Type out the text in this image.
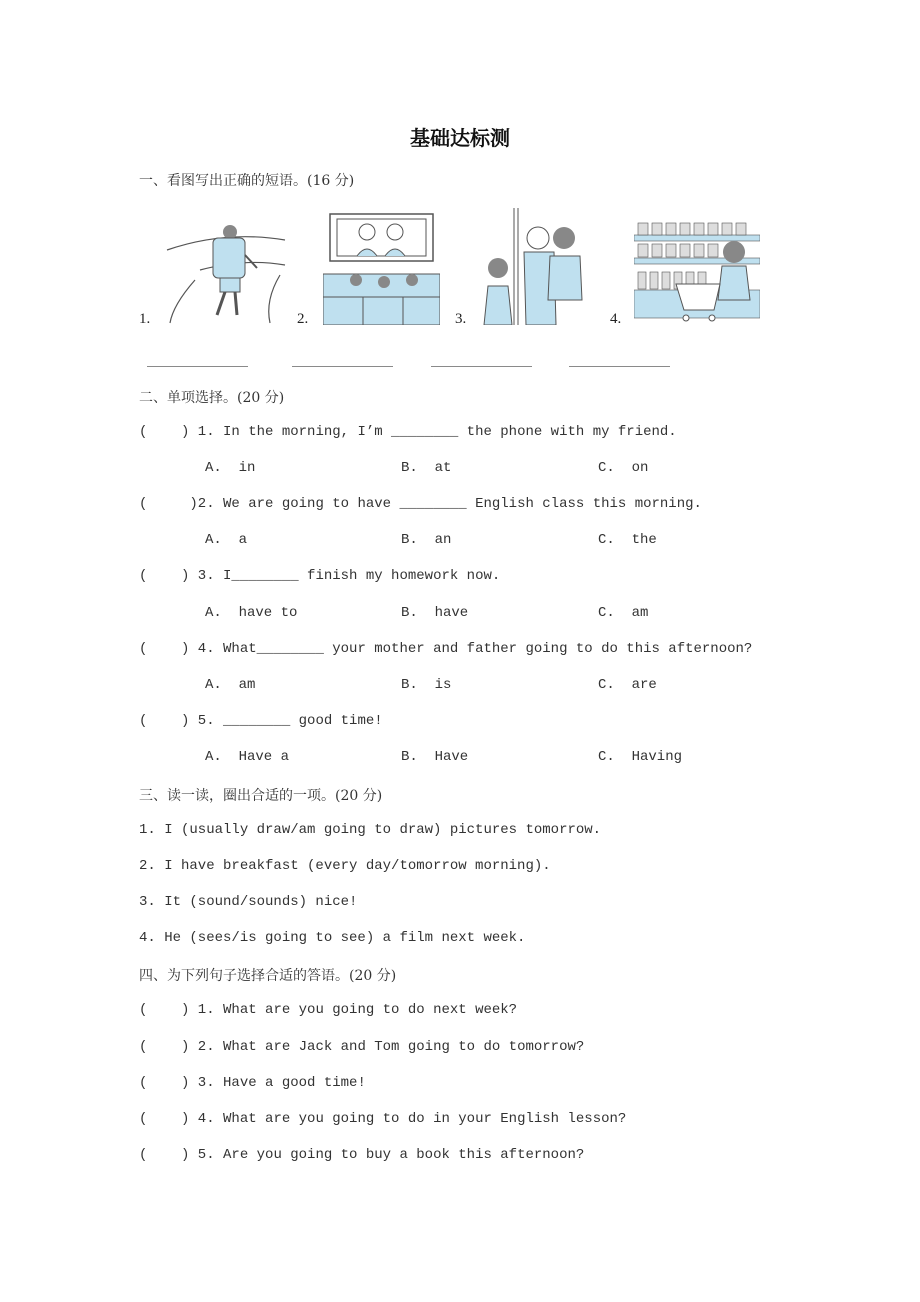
基础达标测
一、看图写出正确的短语。(16 分)
1.	2.	3.	4.
二、单项选择。(20 分)
(    ) 1. In the morning, I’m ________ the phone with my friend.
A.  in	B.  at	C.  on
(     )2. We are going to have ________ English class this morning.
A.  a	B.  an	C.  the
(    ) 3. I________ finish my homework now.
A.  have to	B.  have	C.  am
(    ) 4. What________ your mother and father going to do this afternoon?
A.  am	B.  is	C.  are
(    ) 5. ________ good time!
A.  Have a	B.  Have	C.  Having
三、读一读，圈出合适的一项。(20 分)
1. I (usually draw/am going to draw) pictures tomorrow.
2. I have breakfast (every day/tomorrow morning).
3. It (sound/sounds) nice!
4. He (sees/is going to see) a film next week.
四、为下列句子选择合适的答语。(20 分)
(    ) 1. What are you going to do next week?
(    ) 2. What are Jack and Tom going to do tomorrow?
(    ) 3. Have a good time!
(    ) 4. What are you going to do in your English lesson?
(    ) 5. Are you going to buy a book this afternoon?
